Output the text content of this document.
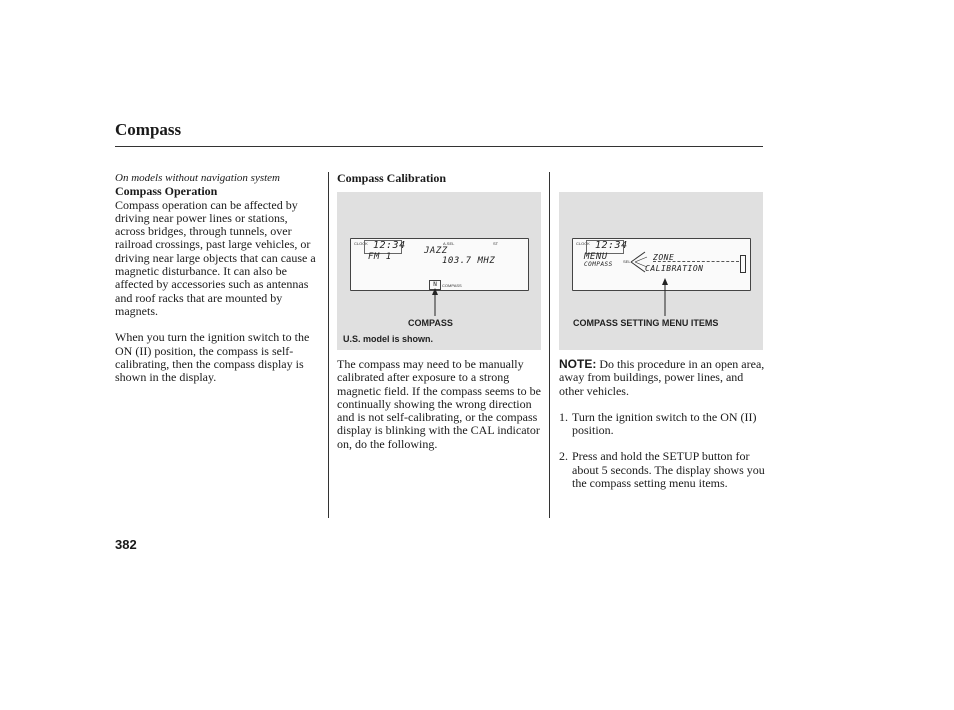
Compass

On models without navigation system

Compass Operation

Compass operation can be affected by driving near power lines or stations, across bridges, through tunnels, over railroad crossings, past large vehicles, or driving near large objects that can cause a magnetic disturbance. It can also be affected by accessories such as antennas and roof racks that are mounted by magnets.

When you turn the ignition switch to the ON (II) position, the compass is self-calibrating, then the compass display is shown in the display.

Compass Calibration

CLOCK 12:34	A.SEL	ST
JAZZ
FM 1	103.7 MHZ
N	COMPASS
COMPASS
U.S. model is shown.

The compass may need to be manually calibrated after exposure to a strong magnetic field. If the compass seems to be continually showing the wrong direction and is not self-calibrating, or the compass display is blinking with the CAL indicator on, do the following.

CLOCK 12:34
MENU
COMPASS	SEL	ZONE
CALIBRATION
COMPASS SETTING MENU ITEMS

NOTE: Do this procedure in an open area, away from buildings, power lines, and other vehicles.

1. Turn the ignition switch to the ON (II) position.
2. Press and hold the SETUP button for about 5 seconds. The display shows you the compass setting menu items.
382
